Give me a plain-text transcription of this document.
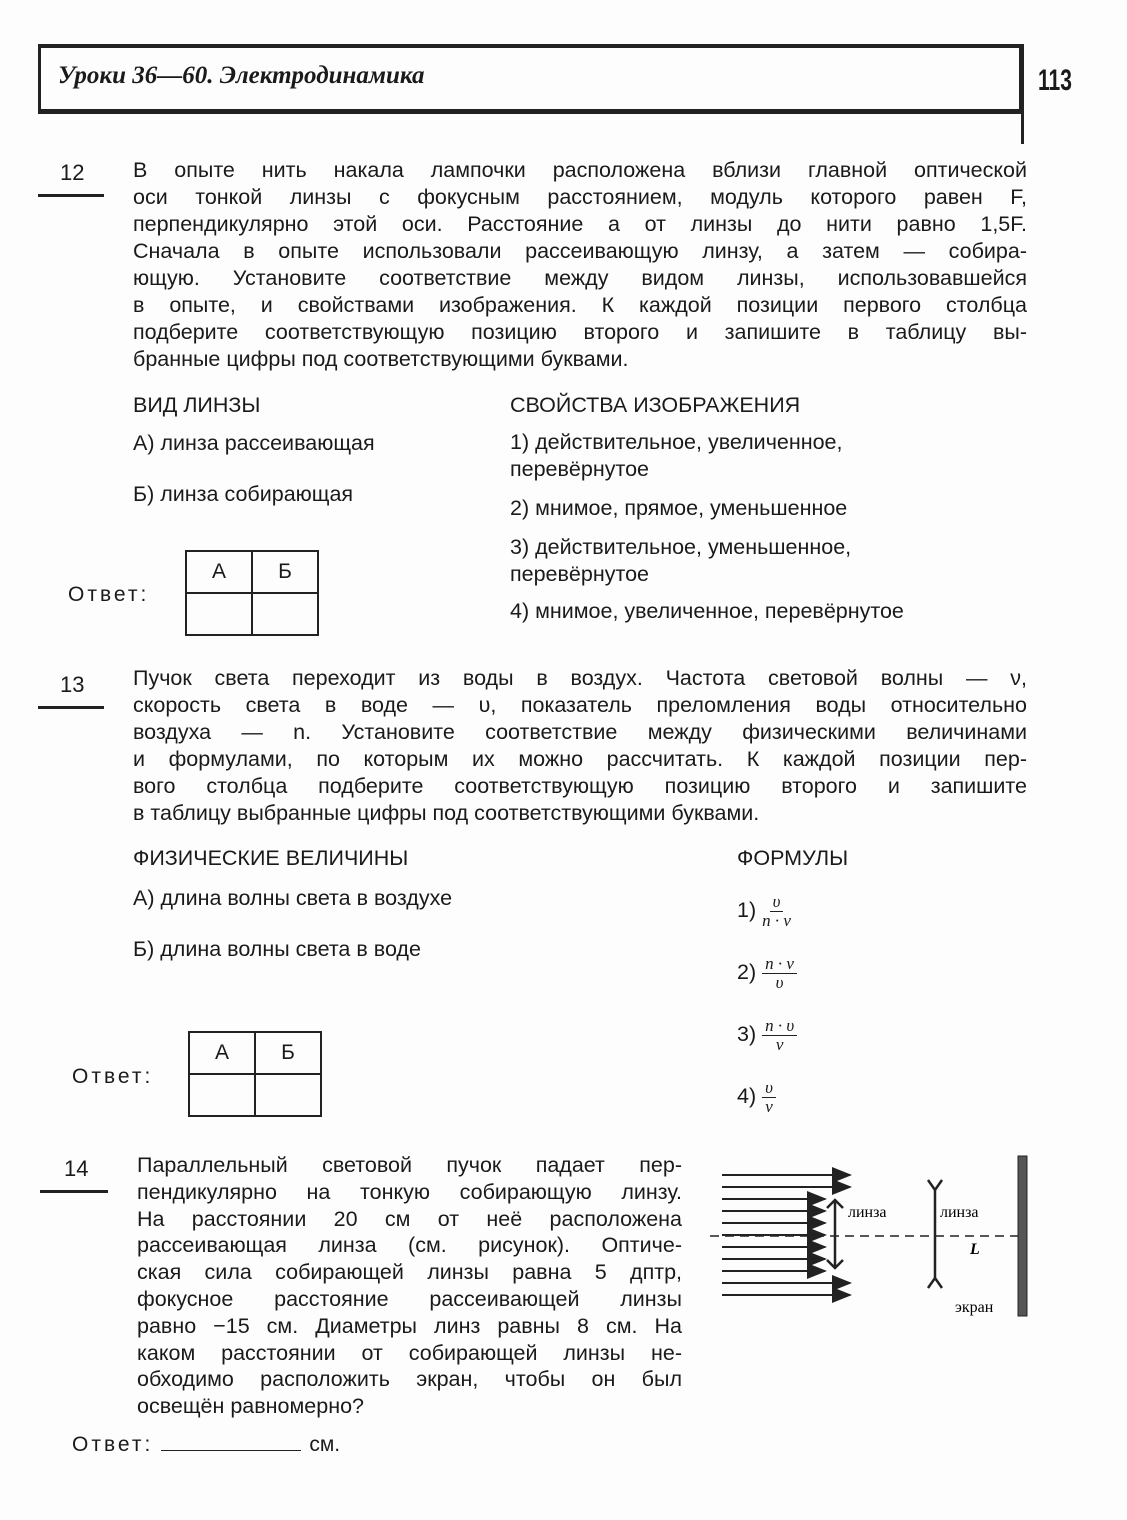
Уроки 36—60. Электродинамика	113
12 В опыте нить накала лампочки расположена вблизи главной оптической
оси тонкой линзы с фокусным расстоянием, модуль которого равен F,
перпендикулярно этой оси. Расстояние a от линзы до нити равно 1,5F.
Сначала в опыте использовали рассеивающую линзу, а затем — собира-
ющую. Установите соответствие между видом линзы, использовавшейся
в опыте, и свойствами изображения. К каждой позиции первого столбца
подберите соответствующую позицию второго и запишите в таблицу вы-
бранные цифры под соответствующими буквами.
ВИД ЛИНЗЫ	СВОЙСТВА ИЗОБРАЖЕНИЯ
А) линза рассеивающая
Б) линза собирающая
1) действительное, увеличенное,
перевёрнутое
2) мнимое, прямое, уменьшенное
3) действительное, уменьшенное,
перевёрнутое
4) мнимое, увеличенное, перевёрнутое
Ответ:
А	Б

13 Пучок света переходит из воды в воздух. Частота световой волны — ν,
скорость света в воде — υ, показатель преломления воды относительно
воздуха — n. Установите соответствие между физическими величинами
и формулами, по которым их можно рассчитать. К каждой позиции пер-
вого столбца подберите соответствующую позицию второго и запишите
в таблицу выбранные цифры под соответствующими буквами.
ФИЗИЧЕСКИЕ ВЕЛИЧИНЫ	ФОРМУЛЫ
А) длина волны света в воздухе
Б) длина волны света в воде
$1) \frac{\upsilon}{n \cdot \nu}$
$2) \frac{n \cdot \nu}{\upsilon}$
$3) \frac{n \cdot \upsilon}{\nu}$
$4) \frac{\upsilon}{\nu}$
Ответ:
А	Б

14 Параллельный световой пучок падает пер-
пендикулярно на тонкую собирающую линзу.
На расстоянии 20 см от неё расположена
рассеивающая линза (см. рисунок). Оптиче-
ская сила собирающей линзы равна 5 дптр,
фокусное расстояние рассеивающей линзы
равно −15 см. Диаметры линз равны 8 см. На
каком расстоянии от собирающей линзы не-
обходимо расположить экран, чтобы он был
освещён равномерно?
Ответ:	см.
линза	линза
L
экран
